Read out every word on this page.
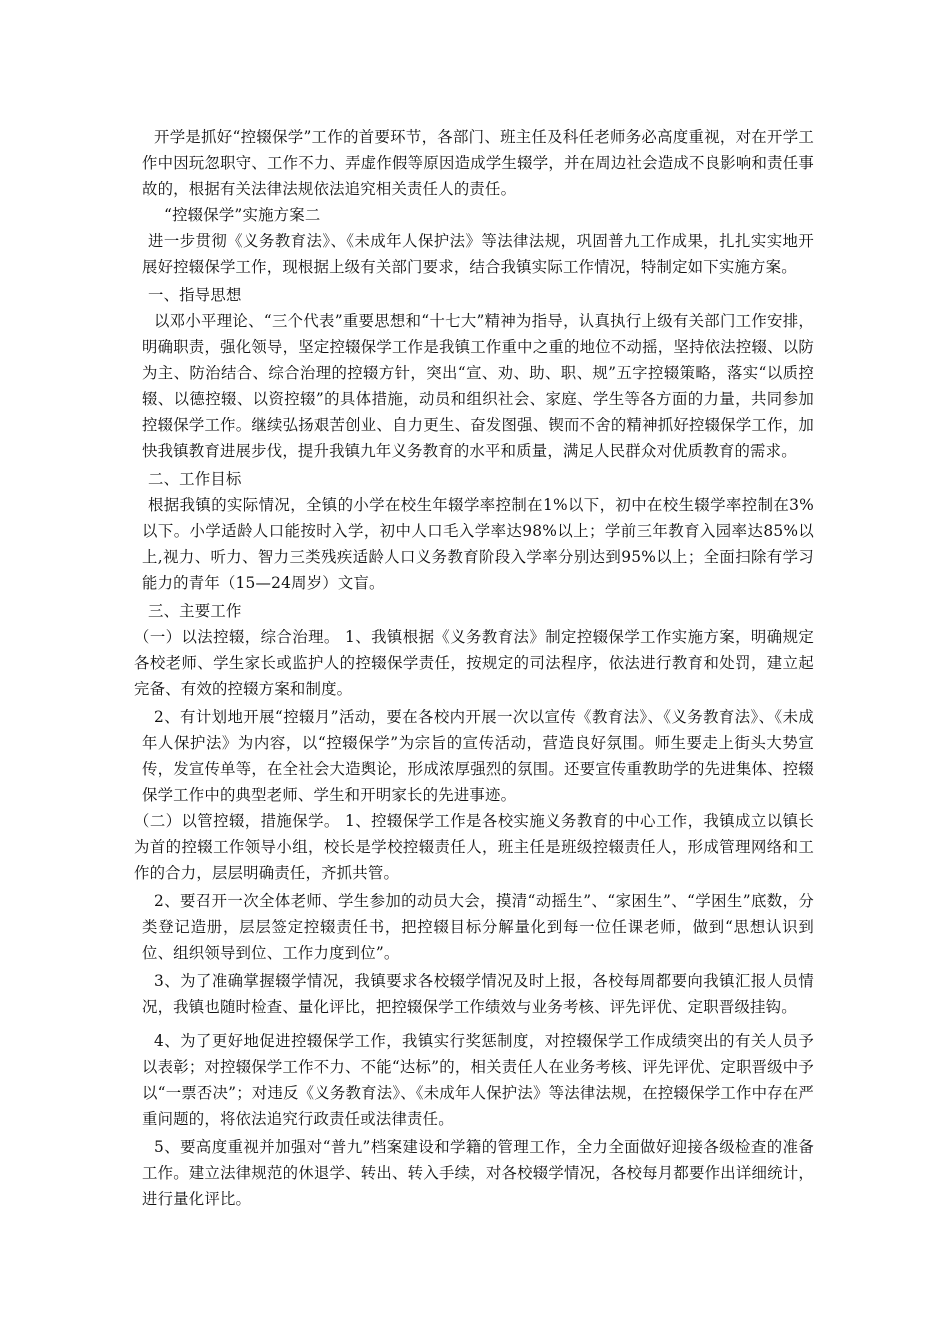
开学是抓好“控辍保学”工作的首要环节，各部门、班主任及科任老师务必高度重视，对在开学工作中因玩忽职守、工作不力、弄虚作假等原因造成学生辍学，并在周边社会造成不良影响和责任事故的，根据有关法律法规依法追究相关责任人的责任。

“控辍保学”实施方案二

进一步贯彻《义务教育法》、《未成年人保护法》等法律法规，巩固普九工作成果，扎扎实实地开展好控辍保学工作，现根据上级有关部门要求，结合我镇实际工作情况，特制定如下实施方案。

一、指导思想

以邓小平理论、“三个代表”重要思想和“十七大”精神为指导，认真执行上级有关部门工作安排，明确职责，强化领导，坚定控辍保学工作是我镇工作重中之重的地位不动摇，坚持依法控辍、以防为主、防治结合、综合治理的控辍方针，突出“宣、劝、助、职、规”五字控辍策略，落实“以质控辍、以德控辍、以资控辍”的具体措施，动员和组织社会、家庭、学生等各方面的力量，共同参加控辍保学工作。继续弘扬艰苦创业、自力更生、奋发图强、锲而不舍的精神抓好控辍保学工作，加快我镇教育进展步伐，提升我镇九年义务教育的水平和质量，满足人民群众对优质教育的需求。

二、工作目标

根据我镇的实际情况，全镇的小学在校生年辍学率控制在1%以下，初中在校生辍学率控制在3%以下。小学适龄人口能按时入学，初中人口毛入学率达98%以上；学前三年教育入园率达85%以上,视力、听力、智力三类残疾适龄人口义务教育阶段入学率分别达到95%以上；全面扫除有学习能力的青年（15—24周岁）文盲。

三、主要工作

（一）以法控辍，综合治理。 1、我镇根据《义务教育法》制定控辍保学工作实施方案，明确规定各校老师、学生家长或监护人的控辍保学责任，按规定的司法程序，依法进行教育和处罚，建立起完备、有效的控辍方案和制度。

2、有计划地开展“控辍月”活动，要在各校内开展一次以宣传《教育法》、《义务教育法》、《未成年人保护法》为内容，以“控辍保学”为宗旨的宣传活动，营造良好氛围。师生要走上街头大势宣传，发宣传单等，在全社会大造舆论，形成浓厚强烈的氛围。还要宣传重教助学的先进集体、控辍保学工作中的典型老师、学生和开明家长的先进事迹。

（二）以管控辍，措施保学。 1、控辍保学工作是各校实施义务教育的中心工作，我镇成立以镇长为首的控辍工作领导小组，校长是学校控辍责任人，班主任是班级控辍责任人，形成管理网络和工作的合力，层层明确责任，齐抓共管。

2、要召开一次全体老师、学生参加的动员大会，摸清“动摇生”、“家困生”、“学困生”底数，分类登记造册，层层签定控辍责任书，把控辍目标分解量化到每一位任课老师，做到“思想认识到位、组织领导到位、工作力度到位”。

3、为了准确掌握辍学情况，我镇要求各校辍学情况及时上报，各校每周都要向我镇汇报人员情况，我镇也随时检查、量化评比，把控辍保学工作绩效与业务考核、评先评优、定职晋级挂钩。

4、为了更好地促进控辍保学工作，我镇实行奖惩制度，对控辍保学工作成绩突出的有关人员予以表彰；对控辍保学工作不力、不能“达标”的，相关责任人在业务考核、评先评优、定职晋级中予以“一票否决”；对违反《义务教育法》、《未成年人保护法》等法律法规，在控辍保学工作中存在严重问题的，将依法追究行政责任或法律责任。

5、要高度重视并加强对“普九”档案建设和学籍的管理工作，全力全面做好迎接各级检查的准备工作。建立法律规范的休退学、转出、转入手续，对各校辍学情况，各校每月都要作出详细统计，进行量化评比。
